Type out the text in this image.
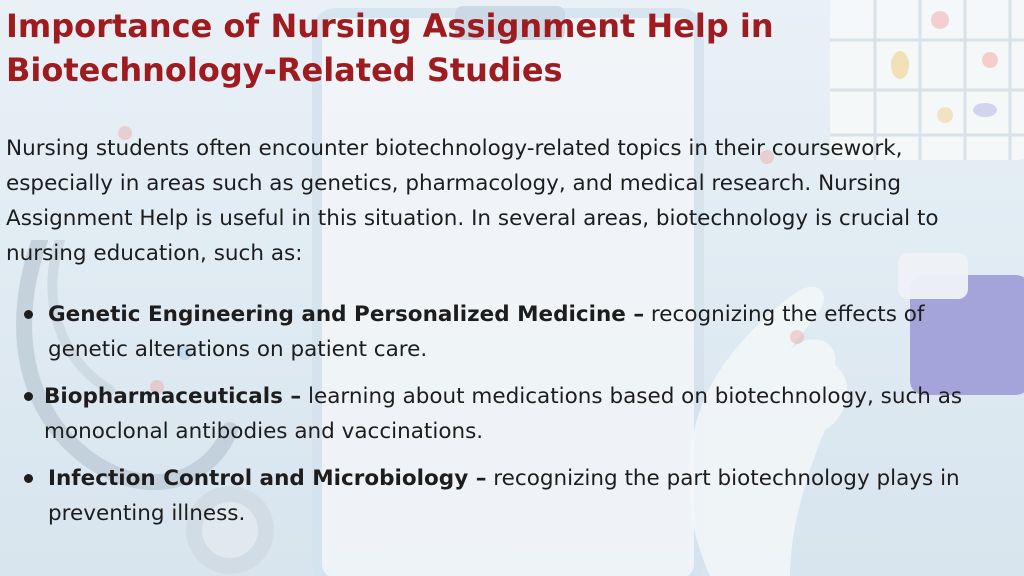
Importance of Nursing Assignment Help in Biotechnology-Related Studies

Nursing students often encounter biotechnology-related topics in their coursework, especially in areas such as genetics, pharmacology, and medical research. Nursing Assignment Help is useful in this situation. In several areas, biotechnology is crucial to nursing education, such as:

Genetic Engineering and Personalized Medicine – recognizing the effects of genetic alterations on patient care.
Biopharmaceuticals – learning about medications based on biotechnology, such as monoclonal antibodies and vaccinations.
Infection Control and Microbiology – recognizing the part biotechnology plays in preventing illness.
